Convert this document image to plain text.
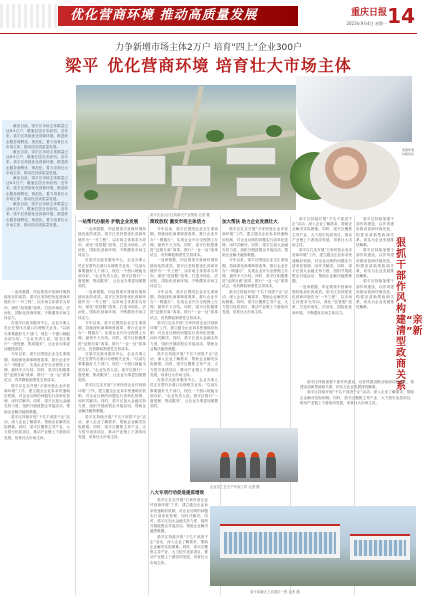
优化营商环境 推动高质量发展	重庆日报
2023年9月4日 星期一 14
力争新增市场主体2万户 培育"四上"企业300户
梁平 优化营商环境 培育壮大市场主体

截至目前，梁平区市场主体数量已达6.5万户，增速位居全市前列。近年来，梁平区持续优化营商环境，推进涉企服务便利化、规范化，着力培育壮大市场主体，推动经济高质量发展。

截至目前，梁平区市场主体数量已达6.5万户，增速位居全市前列。近年来，梁平区持续优化营商环境，推进涉企服务便利化、规范化，着力培育壮大市场主体，推动经济高质量发展。

截至目前，梁平区市场主体数量已达6.5万户，增速位居全市前列。近年来，梁平区持续优化营商环境，推进涉企服务便利化、规范化，着力培育壮大市场主体，推动经济高质量发展。

截至目前，梁平区市场主体数量已达6.5万户，增速位居全市前列。近年来，梁平区持续优化营商环境，推进涉企服务便利化、规范化，着力培育壮大市场主体，推动经济高质量发展。

一连串数据，印证着梁平营商环境持续优化的成效。梁平区坚持把优化营商环境作为“一号工程”，以市场主体需求为导向，深化“放管服”改革，打造市场化、法治化、国际化营商环境，不断激发市场主体活力。

在梁平区政务服务中心，企业办事人员正在帮代办窗口办理相关业务。“以前办事要跑好几个部门，现在一个窗口就能全部办好。”企业负责人说。梁平区推行“一窗受理、集成服务”，让企业办事更加便捷高效。

今年以来，梁平区围绕企业全生命周期，持续深化商事制度改革，推行企业开办“一网通办”，实现企业开办全程网上办理，最快半天办结。同时，梁平区积极推进“证照分离”改革，推行“一业一证”改革试点，有效降低制度性交易成本。

梁平区扎实开展“万家民营企业评营商环境”工作，建立健全企业诉求快速响应机制，对企业反映的问题实行清单化管理、闭环式解决。同时，梁平区加大金融支持力度，组织开展政银企对接活动，帮助企业解决融资难题。

梁平区持续开展“千名干部进千企”活动，深入企业了解需求，帮助企业解决实际困难。同时，梁平区聚焦主导产业，大力招引优质项目，推动产业链上下游协同发展，培育壮大市场主体。

梁平区金山片区的新兴产业集群 记者 摄
营商环境持续优化
一站帮代办服务 护航企业发展

一连串数据，印证着梁平营商环境持续优化的成效。梁平区坚持把优化营商环境作为“一号工程”，以市场主体需求为导向，深化“放管服”改革，打造市场化、法治化、国际化营商环境，不断激发市场主体活力。

在梁平区政务服务中心，企业办事人员正在帮代办窗口办理相关业务。“以前办事要跑好几个部门，现在一个窗口就能全部办好。”企业负责人说。梁平区推行“一窗受理、集成服务”，让企业办事更加便捷高效。

一连串数据，印证着梁平营商环境持续优化的成效。梁平区坚持把优化营商环境作为“一号工程”，以市场主体需求为导向，深化“放管服”改革，打造市场化、法治化、国际化营商环境，不断激发市场主体活力。

今年以来，梁平区围绕企业全生命周期，持续深化商事制度改革，推行企业开办“一网通办”，实现企业开办全程网上办理，最快半天办结。同时，梁平区积极推进“证照分离”改革，推行“一业一证”改革试点，有效降低制度性交易成本。

在梁平区政务服务中心，企业办事人员正在帮代办窗口办理相关业务。“以前办事要跑好几个部门，现在一个窗口就能全部办好。”企业负责人说。梁平区推行“一窗受理、集成服务”，让企业办事更加便捷高效。

梁平区扎实开展“万家民营企业评营商环境”工作，建立健全企业诉求快速响应机制，对企业反映的问题实行清单化管理、闭环式解决。同时，梁平区加大金融支持力度，组织开展政银企对接活动，帮助企业解决融资难题。

梁平区持续开展“千名干部进千企”活动，深入企业了解需求，帮助企业解决实际困难。同时，梁平区聚焦主导产业，大力招引优质项目，推动产业链上下游协同发展，培育壮大市场主体。

简政放权 激发市场主体活力

今年以来，梁平区围绕企业全生命周期，持续深化商事制度改革，推行企业开办“一网通办”，实现企业开办全程网上办理，最快半天办结。同时，梁平区积极推进“证照分离”改革，推行“一业一证”改革试点，有效降低制度性交易成本。

一连串数据，印证着梁平营商环境持续优化的成效。梁平区坚持把优化营商环境作为“一号工程”，以市场主体需求为导向，深化“放管服”改革，打造市场化、法治化、国际化营商环境，不断激发市场主体活力。

今年以来，梁平区围绕企业全生命周期，持续深化商事制度改革，推行企业开办“一网通办”，实现企业开办全程网上办理，最快半天办结。同时，梁平区积极推进“证照分离”改革，推行“一业一证”改革试点，有效降低制度性交易成本。

梁平区扎实开展“万家民营企业评营商环境”工作，建立健全企业诉求快速响应机制，对企业反映的问题实行清单化管理、闭环式解决。同时，梁平区加大金融支持力度，组织开展政银企对接活动，帮助企业解决融资难题。

梁平区持续开展“千名干部进千企”活动，深入企业了解需求，帮助企业解决实际困难。同时，梁平区聚焦主导产业，大力招引优质项目，推动产业链上下游协同发展，培育壮大市场主体。

在梁平区政务服务中心，企业办事人员正在帮代办窗口办理相关业务。“以前办事要跑好几个部门，现在一个窗口就能全部办好。”企业负责人说。梁平区推行“一窗受理、集成服务”，让企业办事更加便捷高效。

加大帮扶 助力企业发展壮大

梁平区扎实开展“万家民营企业评营商环境”工作，建立健全企业诉求快速响应机制，对企业反映的问题实行清单化管理、闭环式解决。同时，梁平区加大金融支持力度，组织开展政银企对接活动，帮助企业解决融资难题。

今年以来，梁平区围绕企业全生命周期，持续深化商事制度改革，推行企业开办“一网通办”，实现企业开办全程网上办理，最快半天办结。同时，梁平区积极推进“证照分离”改革，推行“一业一证”改革试点，有效降低制度性交易成本。

梁平区持续开展“千名干部进千企”活动，深入企业了解需求，帮助企业解决实际困难。同时，梁平区聚焦主导产业，大力招引优质项目，推动产业链上下游协同发展，培育壮大市场主体。

梁平区持续开展“千名干部进千企”活动，深入企业了解需求，帮助企业解决实际困难。同时，梁平区聚焦主导产业，大力招引优质项目，推动产业链上下游协同发展，培育壮大市场主体。

梁平区扎实开展“万家民营企业评营商环境”工作，建立健全企业诉求快速响应机制，对企业反映的问题实行清单化管理、闭环式解决。同时，梁平区加大金融支持力度，组织开展政银企对接活动，帮助企业解决融资难题。

一连串数据，印证着梁平营商环境持续优化的成效。梁平区坚持把优化营商环境作为“一号工程”，以市场主体需求为导向，深化“放管服”改革，打造市场化、法治化、国际化营商环境，不断激发市场主体活力。

狠抓干部作风 构建“亲清”新型政商关系

梁平区持续加强干部作风建设，以作风建设推动营商环境优化，构建亲清新型政商关系，切实为企业发展排忧解难。

梁平区持续加强干部作风建设，以作风建设推动营商环境优化，构建亲清新型政商关系，切实为企业发展排忧解难。

梁平区持续加强干部作风建设，以作风建设推动营商环境优化，构建亲清新型政商关系，切实为企业发展排忧解难。

梁平区持续加强干部作风建设，以作风建设推动营商环境优化，构建亲清新型政商关系，切实为企业发展排忧解难。

梁平区持续开展“千名干部进千企”活动，深入企业了解需求，帮助企业解决实际困难。同时，梁平区聚焦主导产业，大力招引优质项目，推动产业链上下游协同发展，培育壮大市场主体。

企业员工在生产车间工作 记者 摄
八大专项行动促进提质增效

梁平区扎实开展“万家民营企业评营商环境”工作，建立健全企业诉求快速响应机制，对企业反映的问题实行清单化管理、闭环式解决。同时，梁平区加大金融支持力度，组织开展政银企对接活动，帮助企业解决融资难题。

梁平区持续开展“千名干部进千企”活动，深入企业了解需求，帮助企业解决实际困难。同时，梁平区聚焦主导产业，大力招引优质项目，推动产业链上下游协同发展，培育壮大市场主体。

梁平高新区工业园区一景 记者 摄
